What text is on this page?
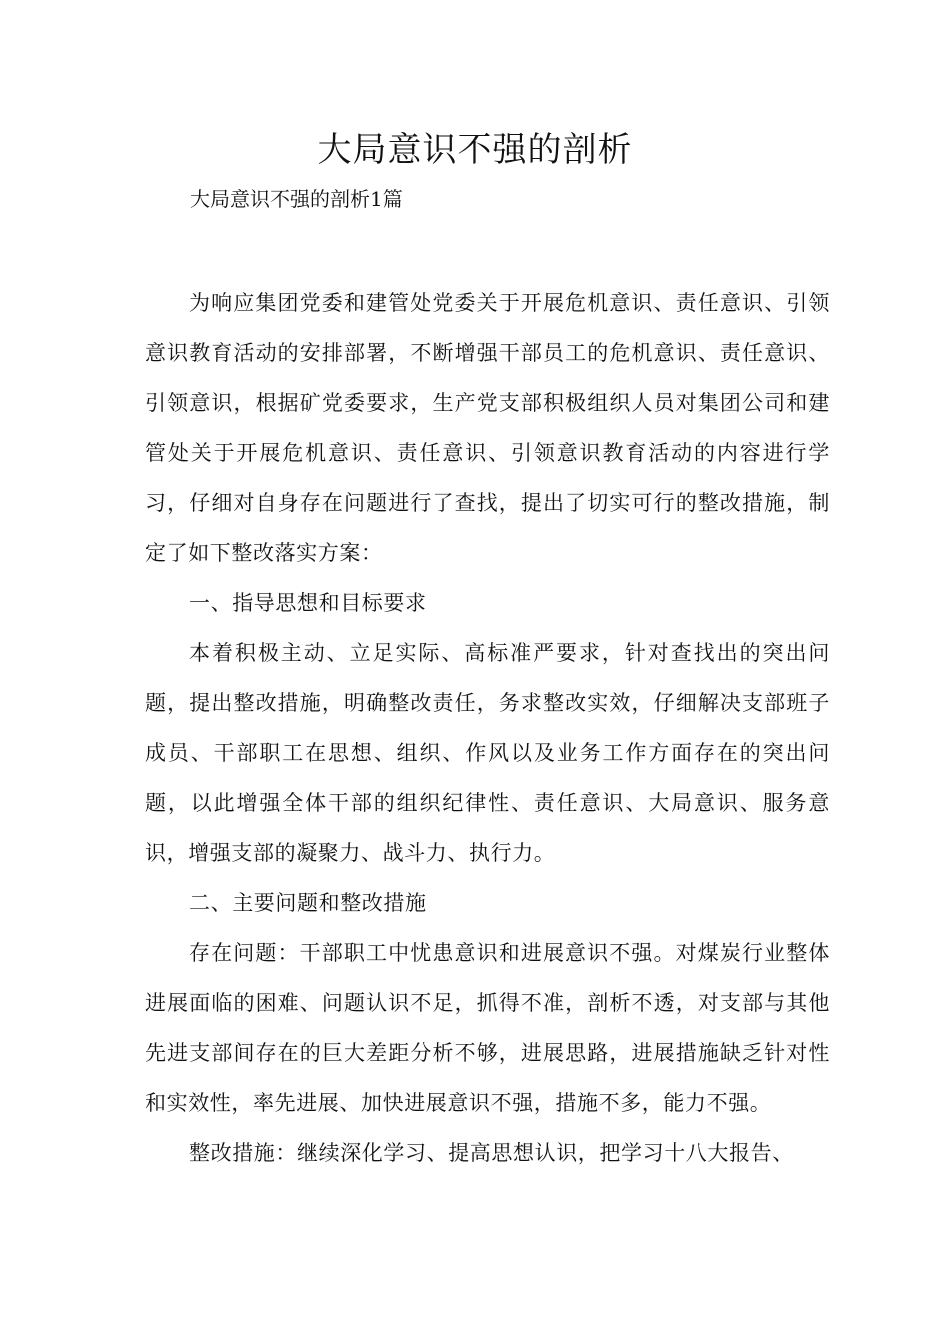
大局意识不强的剖析

大局意识不强的剖析1篇

为响应集团党委和建管处党委关于开展危机意识、责任意识、引领意识教育活动的安排部署，不断增强干部员工的危机意识、责任意识、引领意识，根据矿党委要求，生产党支部积极组织人员对集团公司和建管处关于开展危机意识、责任意识、引领意识教育活动的内容进行学习，仔细对自身存在问题进行了查找，提出了切实可行的整改措施，制定了如下整改落实方案：

一、指导思想和目标要求

本着积极主动、立足实际、高标准严要求，针对查找出的突出问题，提出整改措施，明确整改责任，务求整改实效，仔细解决支部班子成员、干部职工在思想、组织、作风以及业务工作方面存在的突出问题，以此增强全体干部的组织纪律性、责任意识、大局意识、服务意识，增强支部的凝聚力、战斗力、执行力。

二、主要问题和整改措施

存在问题：干部职工中忧患意识和进展意识不强。对煤炭行业整体进展面临的困难、问题认识不足，抓得不准，剖析不透，对支部与其他先进支部间存在的巨大差距分析不够，进展思路，进展措施缺乏针对性和实效性，率先进展、加快进展意识不强，措施不多，能力不强。

整改措施：继续深化学习、提高思想认识，把学习十八大报告、
